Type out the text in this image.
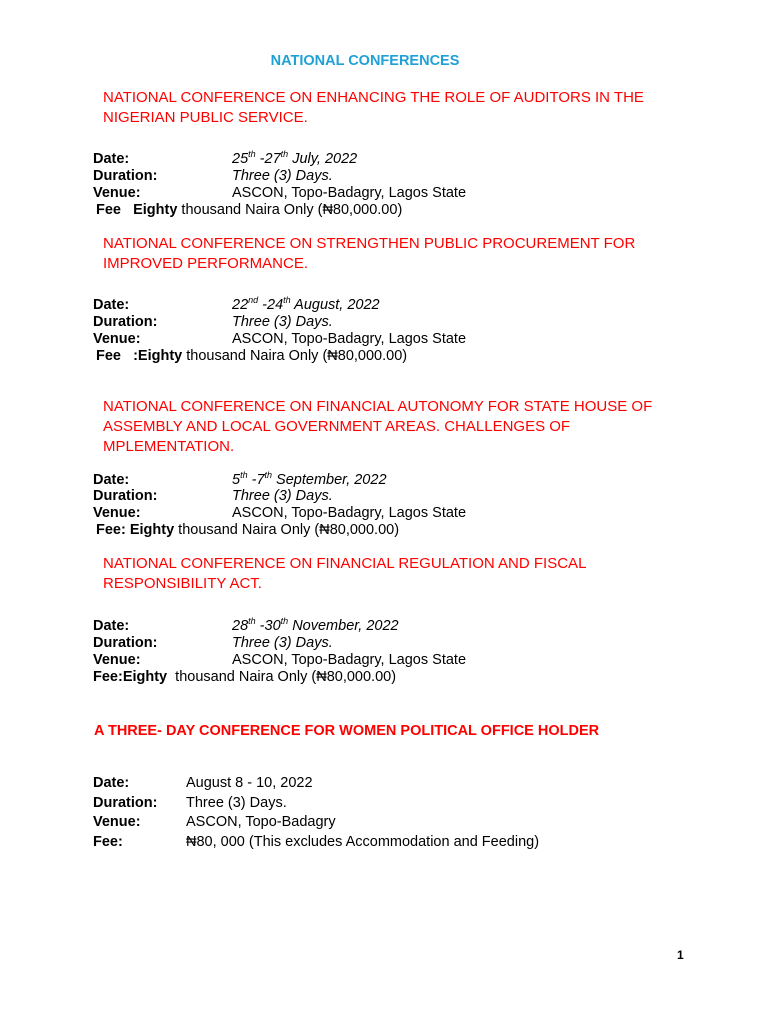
NATIONAL CONFERENCES
NATIONAL CONFERENCE ON ENHANCING THE ROLE OF AUDITORS IN THE NIGERIAN PUBLIC SERVICE.
Date:	25th -27th July, 2022
Duration:	Three (3) Days.
Venue:	ASCON, Topo-Badagry, Lagos State
Fee   Eighty thousand Naira Only (₦80,000.00)
NATIONAL CONFERENCE ON STRENGTHEN PUBLIC PROCUREMENT FOR IMPROVED PERFORMANCE.
Date:	22nd -24th August, 2022
Duration:	Three (3) Days.
Venue:	ASCON, Topo-Badagry, Lagos State
Fee   :Eighty thousand Naira Only (₦80,000.00)
NATIONAL CONFERENCE ON FINANCIAL AUTONOMY FOR STATE HOUSE OF ASSEMBLY AND LOCAL GOVERNMENT AREAS. CHALLENGES OF MPLEMENTATION.
Date:	5th -7th September, 2022
Duration:	Three (3) Days.
Venue:	ASCON, Topo-Badagry, Lagos State
Fee: Eighty thousand Naira Only (₦80,000.00)
NATIONAL CONFERENCE ON FINANCIAL REGULATION AND FISCAL RESPONSIBILITY ACT.
Date:	28th -30th November, 2022
Duration:	Three (3) Days.
Venue:	ASCON, Topo-Badagry, Lagos State
Fee:Eighty  thousand Naira Only (₦80,000.00)
A THREE- DAY CONFERENCE FOR WOMEN POLITICAL OFFICE HOLDER
Date:	August 8 - 10, 2022
Duration: Three (3) Days.
Venue:	ASCON, Topo-Badagry
Fee:	₦80, 000 (This excludes Accommodation and Feeding)
1
